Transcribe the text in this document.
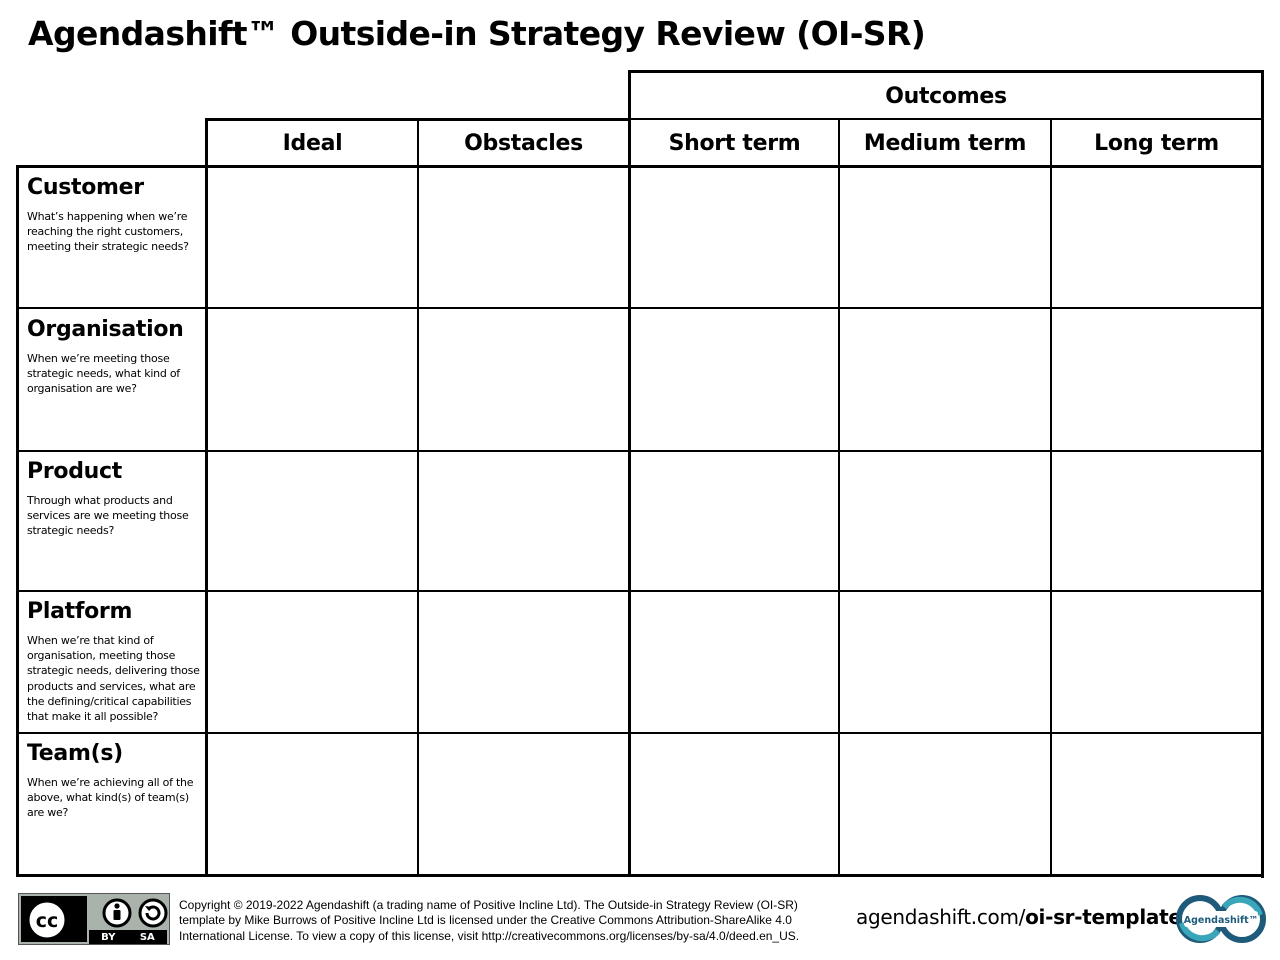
Agendashift™ Outside-in Strategy Review (OI-SR)
Outcomes
Ideal	Obstacles	Short term	Medium term	Long term
Customer
What’s happening when we’re reaching the right customers, meeting their strategic needs?
Organisation
When we’re meeting those strategic needs, what kind of organisation are we?
Product
Through what products and services are we meeting those strategic needs?
Platform
When we’re that kind of organisation, meeting those strategic needs, delivering those products and services, what are the defining/critical capabilities that make it all possible?
Team(s)
When we’re achieving all of the above, what kind(s) of team(s) are we?
cc
BY SA
Copyright © 2019-2022 Agendashift (a trading name of Positive Incline Ltd). The Outside-in Strategy Review (OI-SR) template by Mike Burrows of Positive Incline Ltd is licensed under the Creative Commons Attribution-ShareAlike 4.0 International License. To view a copy of this license, visit http://creativecommons.org/licenses/by-sa/4.0/deed.en_US.
agendashift.com/oi-sr-template Agendashift™
